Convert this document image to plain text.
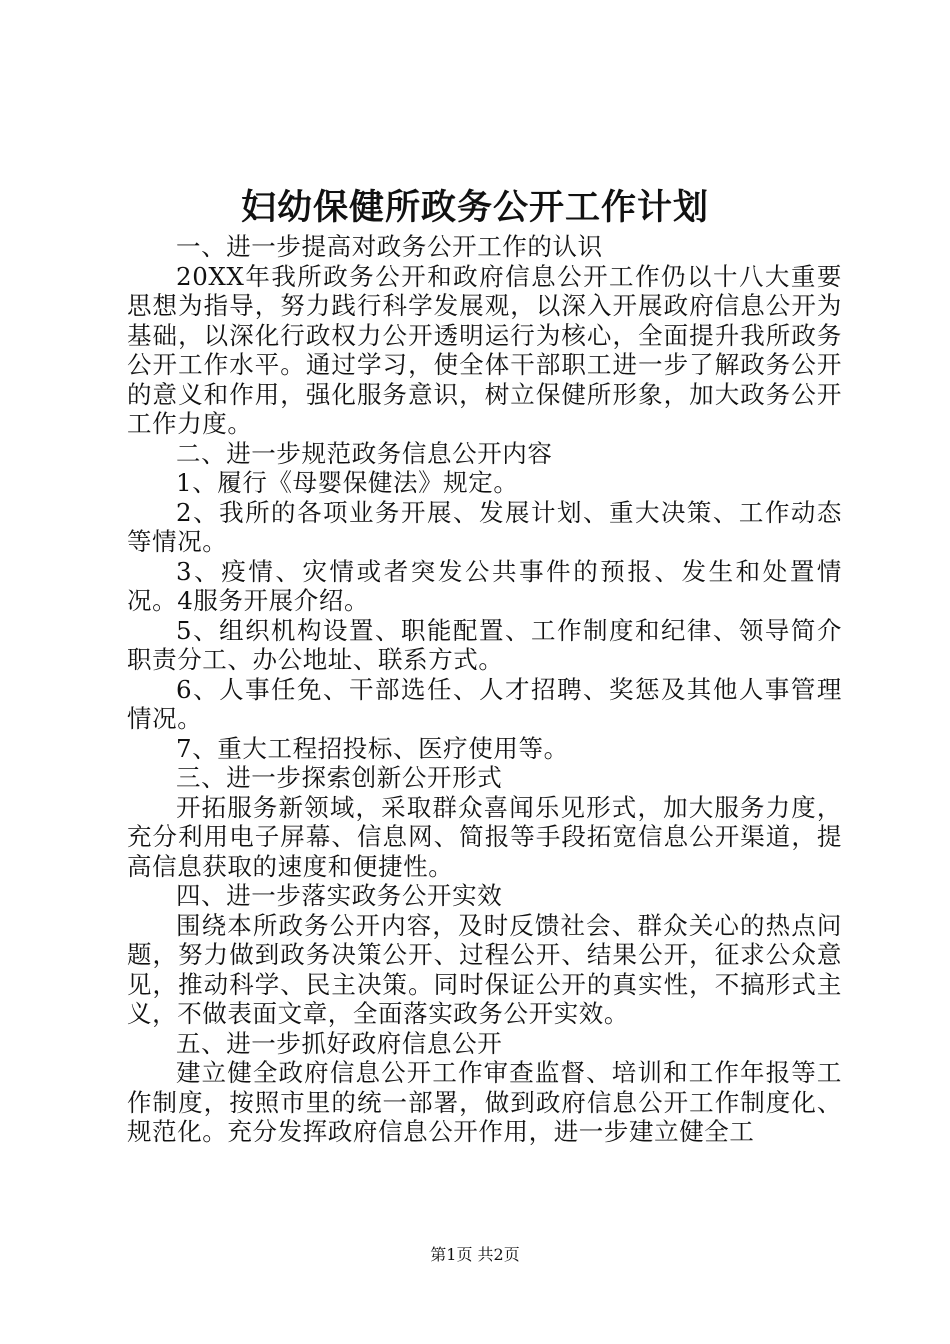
妇幼保健所政务公开工作计划

一、进一步提高对政务公开工作的认识

20XX年我所政务公开和政府信息公开工作仍以十八大重要思想为指导，努力践行科学发展观，以深入开展政府信息公开为基础，以深化行政权力公开透明运行为核心，全面提升我所政务公开工作水平。通过学习，使全体干部职工进一步了解政务公开的意义和作用，强化服务意识，树立保健所形象，加大政务公开工作力度。

二、进一步规范政务信息公开内容

1、履行《母婴保健法》规定。

2、我所的各项业务开展、发展计划、重大决策、工作动态等情况。

3、疫情、灾情或者突发公共事件的预报、发生和处置情况。4服务开展介绍。

5、组织机构设置、职能配置、工作制度和纪律、领导简介职责分工、办公地址、联系方式。

6、人事任免、干部选任、人才招聘、奖惩及其他人事管理情况。

7、重大工程招投标、医疗使用等。

三、进一步探索创新公开形式

开拓服务新领域，采取群众喜闻乐见形式，加大服务力度，充分利用电子屏幕、信息网、简报等手段拓宽信息公开渠道，提高信息获取的速度和便捷性。

四、进一步落实政务公开实效

围绕本所政务公开内容，及时反馈社会、群众关心的热点问题，努力做到政务决策公开、过程公开、结果公开，征求公众意见，推动科学、民主决策。同时保证公开的真实性，不搞形式主义，不做表面文章，全面落实政务公开实效。

五、进一步抓好政府信息公开

建立健全政府信息公开工作审查监督、培训和工作年报等工作制度，按照市里的统一部署，做到政府信息公开工作制度化、规范化。充分发挥政府信息公开作用，进一步建立健全工

第1页 共2页
